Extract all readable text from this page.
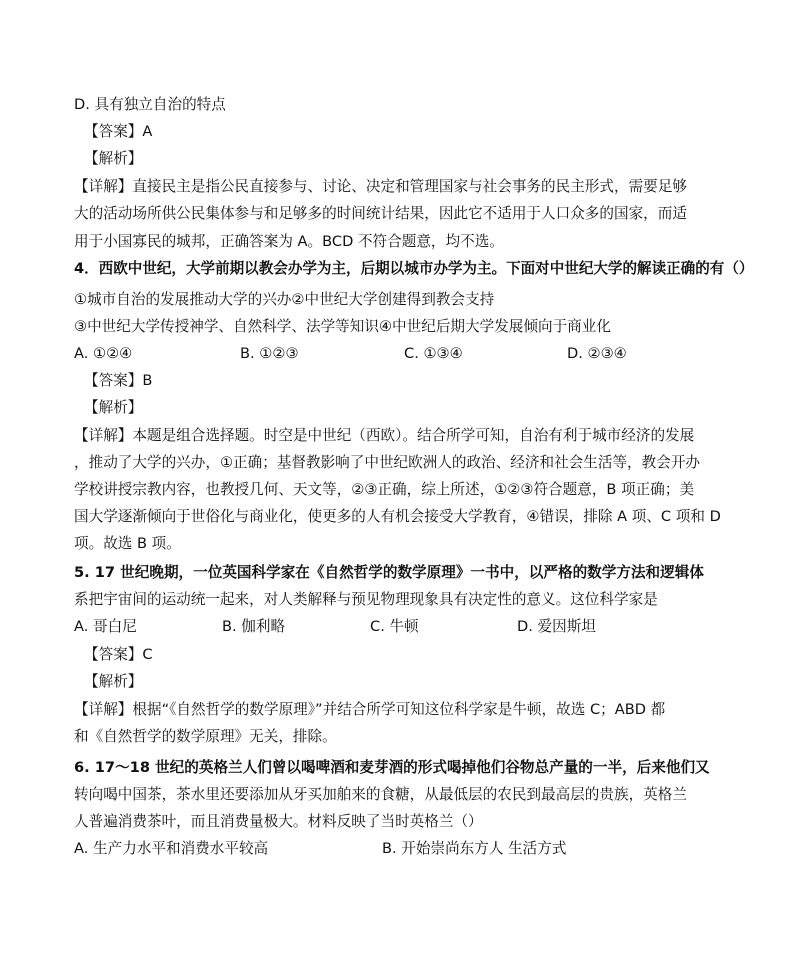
D. 具有独立自治的特点
【答案】A
【解析】
【详解】直接民主是指公民直接参与、讨论、决定和管理国家与社会事务的民主形式，需要足够
大的活动场所供公民集体参与和足够多的时间统计结果，因此它不适用于人口众多的国家，而适
用于小国寡民的城邦，正确答案为 A。BCD 不符合题意，均不选。
4．西欧中世纪，大学前期以教会办学为主，后期以城市办学为主。下面对中世纪大学的解读正确的有（）
①城市自治的发展推动大学的兴办②中世纪大学创建得到教会支持
③中世纪大学传授神学、自然科学、法学等知识④中世纪后期大学发展倾向于商业化
A. ①②④	B. ①②③	C. ①③④	D. ②③④
【答案】B
【解析】
【详解】本题是组合选择题。时空是中世纪（西欧）。结合所学可知，自治有利于城市经济的发展
，推动了大学的兴办，①正确；基督教影响了中世纪欧洲人的政治、经济和社会生活等，教会开办
学校讲授宗教内容，也教授几何、天文等，②③正确，综上所述，①②③符合题意，B 项正确；美
国大学逐渐倾向于世俗化与商业化，使更多的人有机会接受大学教育，④错误，排除 A 项、C 项和 D
项。故选 B 项。
5. 17 世纪晚期，一位英国科学家在《自然哲学的数学原理》一书中，以严格的数学方法和逻辑体
系把宇宙间的运动统一起来，对人类解释与预见物理现象具有决定性的意义。这位科学家是
A. 哥白尼	B. 伽利略	C. 牛顿	D. 爱因斯坦
【答案】C
【解析】
【详解】根据“《自然哲学的数学原理》”并结合所学可知这位科学家是牛顿，故选 C；ABD 都
和《自然哲学的数学原理》无关，排除。
6. 17～18 世纪的英格兰人们曾以喝啤酒和麦芽酒的形式喝掉他们谷物总产量的一半，后来他们又
转向喝中国茶，茶水里还要添加从牙买加舶来的食糖，从最低层的农民到最高层的贵族，英格兰
人普遍消费茶叶，而且消费量极大。材料反映了当时英格兰（）
A. 生产力水平和消费水平较高	B. 开始崇尚东方人 生活方式
